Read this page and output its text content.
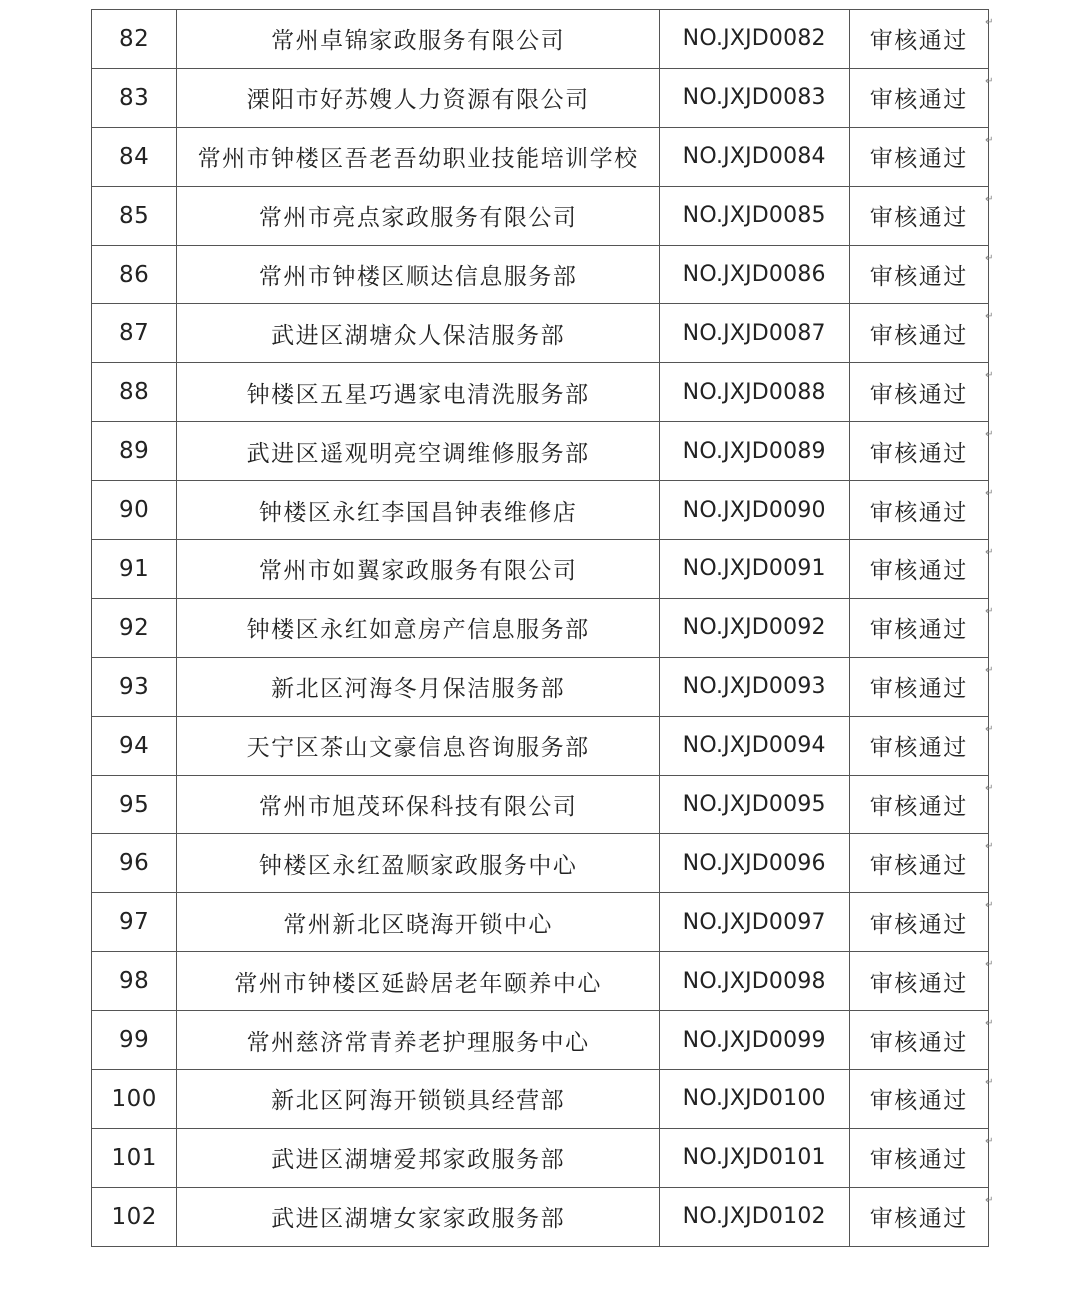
82	常州卓锦家政服务有限公司	NO.JXJD0082	审核通过
↵

83	溧阳市好苏嫂人力资源有限公司	NO.JXJD0083	审核通过
↵

84	常州市钟楼区吾老吾幼职业技能培训学校	NO.JXJD0084	审核通过
↵

85	常州市亮点家政服务有限公司	NO.JXJD0085	审核通过
↵

86	常州市钟楼区顺达信息服务部	NO.JXJD0086	审核通过
↵

87	武进区湖塘众人保洁服务部	NO.JXJD0087	审核通过
↵

88	钟楼区五星巧遇家电清洗服务部	NO.JXJD0088	审核通过
↵

89	武进区遥观明亮空调维修服务部	NO.JXJD0089	审核通过
↵

90	钟楼区永红李国昌钟表维修店	NO.JXJD0090	审核通过
↵

91	常州市如翼家政服务有限公司	NO.JXJD0091	审核通过
↵

92	钟楼区永红如意房产信息服务部	NO.JXJD0092	审核通过
↵

93	新北区河海冬月保洁服务部	NO.JXJD0093	审核通过
↵

94	天宁区茶山文豪信息咨询服务部	NO.JXJD0094	审核通过
↵

95	常州市旭茂环保科技有限公司	NO.JXJD0095	审核通过
↵

96	钟楼区永红盈顺家政服务中心	NO.JXJD0096	审核通过
↵

97	常州新北区晓海开锁中心	NO.JXJD0097	审核通过
↵

98	常州市钟楼区延龄居老年颐养中心	NO.JXJD0098	审核通过
↵

99	常州慈济常青养老护理服务中心	NO.JXJD0099	审核通过
↵

100	新北区阿海开锁锁具经营部	NO.JXJD0100	审核通过
↵

101	武进区湖塘爱邦家政服务部	NO.JXJD0101	审核通过
↵

102	武进区湖塘女家家政服务部	NO.JXJD0102	审核通过
↵
